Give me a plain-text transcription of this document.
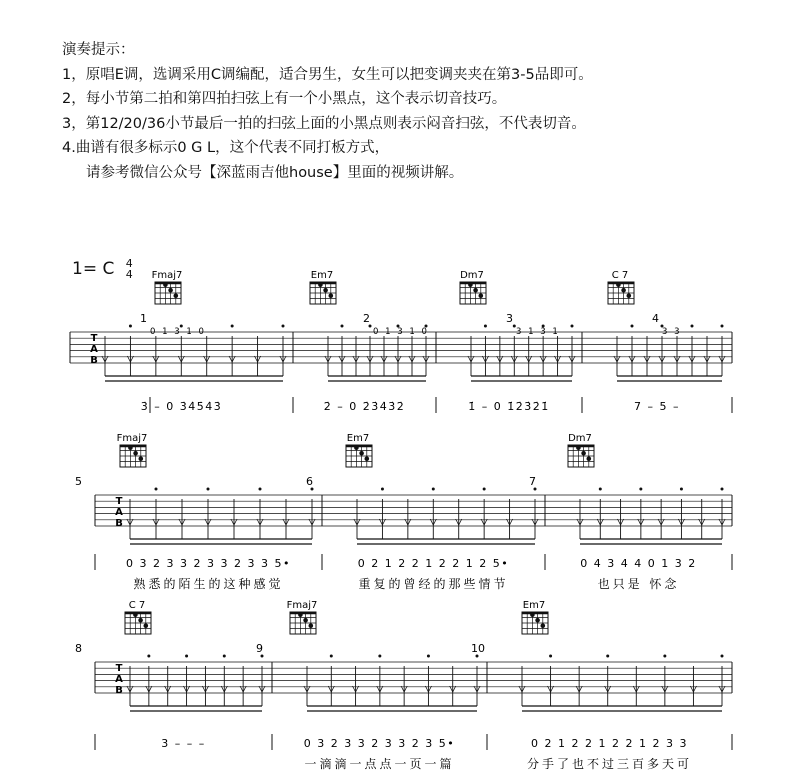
演奏提示：
1，原唱E调，选调采用C调编配，适合男生，女生可以把变调夹夹在第3-5品即可。
2，每小节第二拍和第四拍扫弦上有一个小黑点，这个表示切音技巧。
3，第12/20/36小节最后一拍的扫弦上面的小黑点则表示闷音扫弦，不代表切音。
4.曲谱有很多标示0 G L，这个代表不同打板方式，
请参考微信公众号【深蓝雨吉他house】里面的视频讲解。
1= C 4
4
T
A
B
1
Fmaj7
0 1 3 1 0
3̇ – 0 3̇4̇5̇4̇3̇
2
Em7
0 1 3 1 0
2̇ – 0 2̇3̇4̇3̇2̇
3
Dm7
3 1 3 1
1̇ – 0 1̇2̇3̇2̇1̇
4
C 7
3 3
7 – 5 –
T
A
B
5
Fmaj7
0 3 2 3 3 2 3 3 2 3 3 5•
熟悉的陌生的这种感觉
6
Em7
0 2 1 2 2 1 2 2 1 2 5•
重复的曾经的那些情节
7
Dm7
0 4 3 4 4 0 1 3 2
也只是 怀念
T
A
B
8
C 7
3 – – –
9
Fmaj7
0 3 2 3 3 2 3 3 2 3 5•
一滴滴一点点一页一篇
10
Em7
0 2 1 2 2 1 2 2 1 2 3 3
分手了也不过三百多天可
